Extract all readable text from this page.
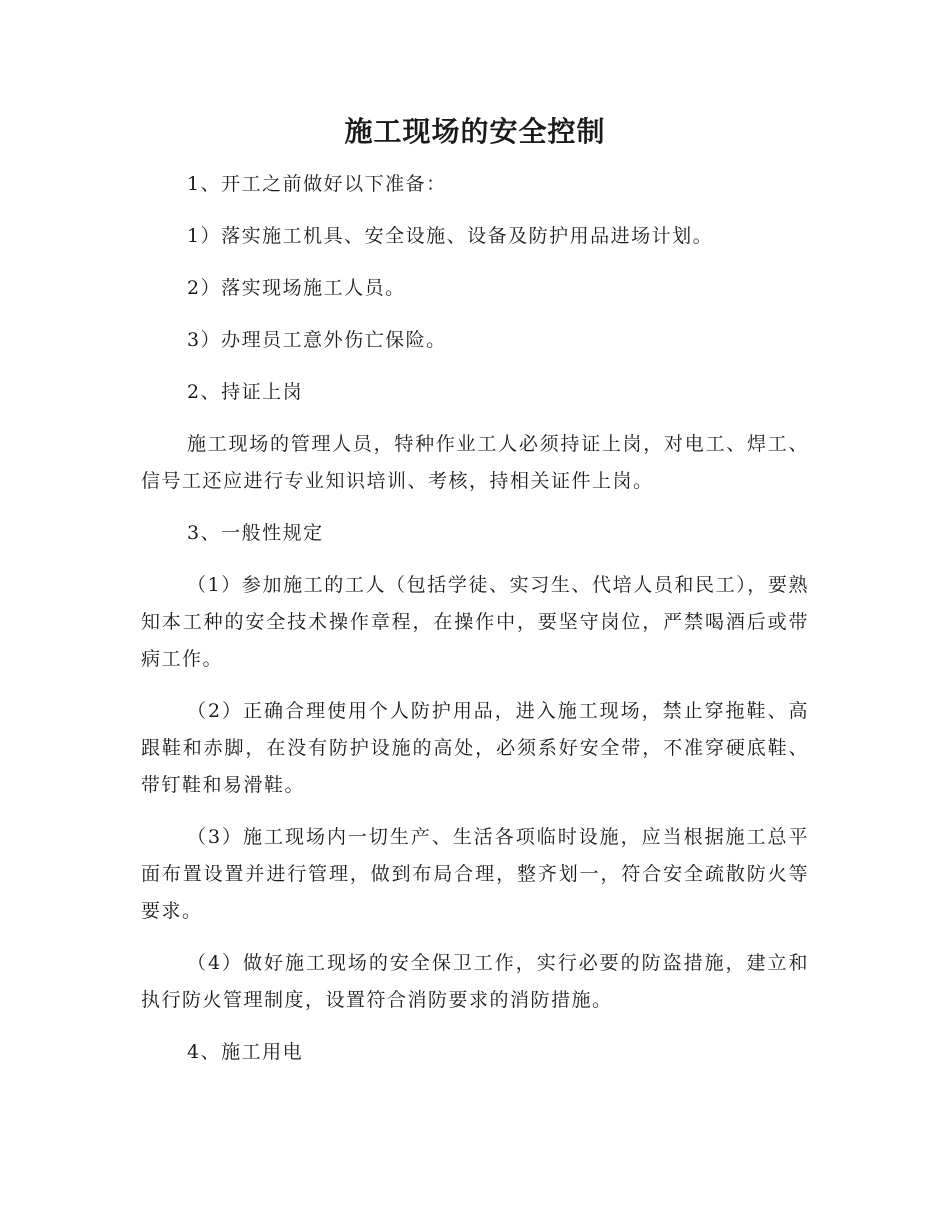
施工现场的安全控制

1、开工之前做好以下准备：

1）落实施工机具、安全设施、设备及防护用品进场计划。

2）落实现场施工人员。

3）办理员工意外伤亡保险。

2、持证上岗

施工现场的管理人员，特种作业工人必须持证上岗，对电工、焊工、信号工还应进行专业知识培训、考核，持相关证件上岗。

3、一般性规定

（1）参加施工的工人（包括学徒、实习生、代培人员和民工），要熟知本工种的安全技术操作章程，在操作中，要坚守岗位，严禁喝酒后或带病工作。

（2）正确合理使用个人防护用品，进入施工现场，禁止穿拖鞋、高跟鞋和赤脚，在没有防护设施的高处，必须系好安全带，不准穿硬底鞋、带钉鞋和易滑鞋。

（3）施工现场内一切生产、生活各项临时设施，应当根据施工总平面布置设置并进行管理，做到布局合理，整齐划一，符合安全疏散防火等要求。

（4）做好施工现场的安全保卫工作，实行必要的防盗措施，建立和执行防火管理制度，设置符合消防要求的消防措施。

4、施工用电
